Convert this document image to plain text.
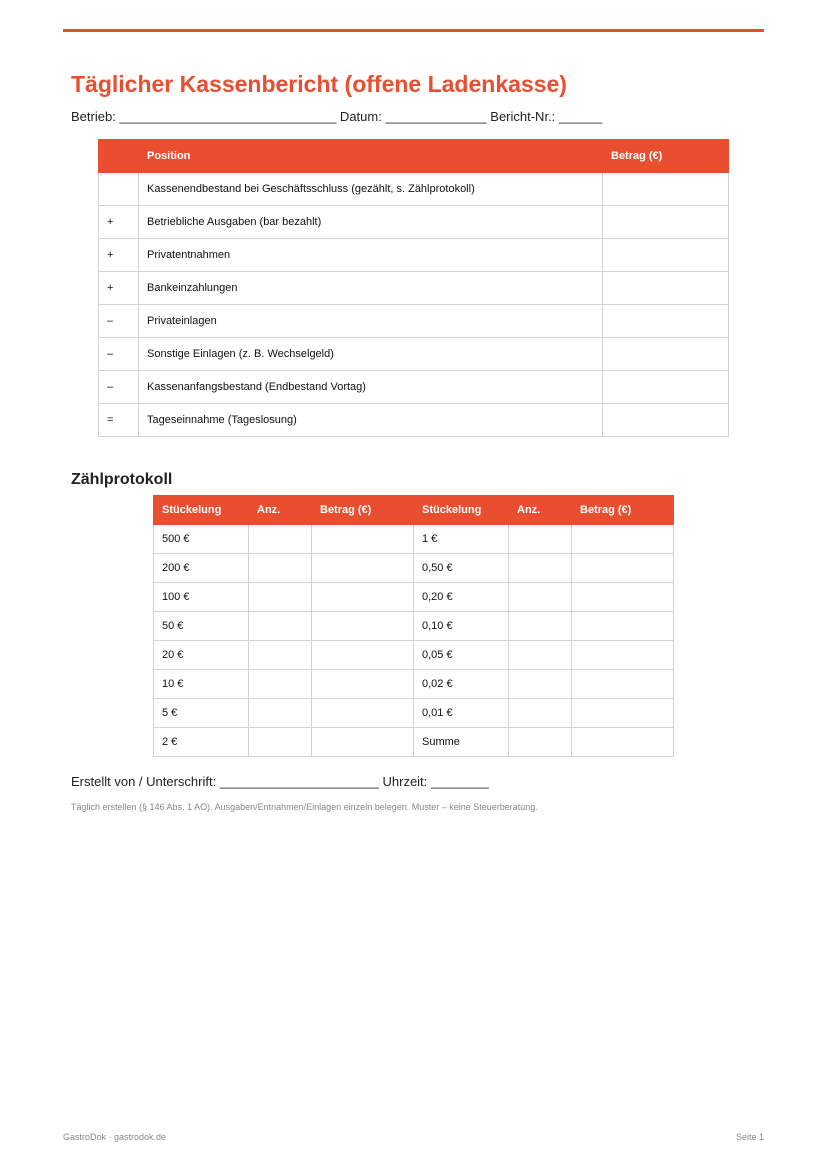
Täglicher Kassenbericht (offene Ladenkasse)
Betrieb: ______________________________ Datum: ______________ Bericht-Nr.: ______
	Position	Betrag (€)
	Kassenendbestand bei Geschäftsschluss (gezählt, s. Zählprotokoll)	
+	Betriebliche Ausgaben (bar bezahlt)	
+	Privatentnahmen	
+	Bankeinzahlungen	
–	Privateinlagen	
–	Sonstige Einlagen (z. B. Wechselgeld)	
–	Kassenanfangsbestand (Endbestand Vortag)	
=	Tageseinnahme (Tageslosung)	
Zählprotokoll
Stückelung	Anz.	Betrag (€)	Stückelung	Anz.	Betrag (€)
500 €			1 €		
200 €			0,50 €		
100 €			0,20 €		
50 €			0,10 €		
20 €			0,05 €		
10 €			0,02 €		
5 €			0,01 €		
2 €			Summe		
Erstellt von / Unterschrift: ______________________ Uhrzeit: ________
Täglich erstellen (§ 146 Abs. 1 AO). Ausgaben/Entnahmen/Einlagen einzeln belegen. Muster – keine Steuerberatung.
GastroDok · gastrodok.de	Seite 1
